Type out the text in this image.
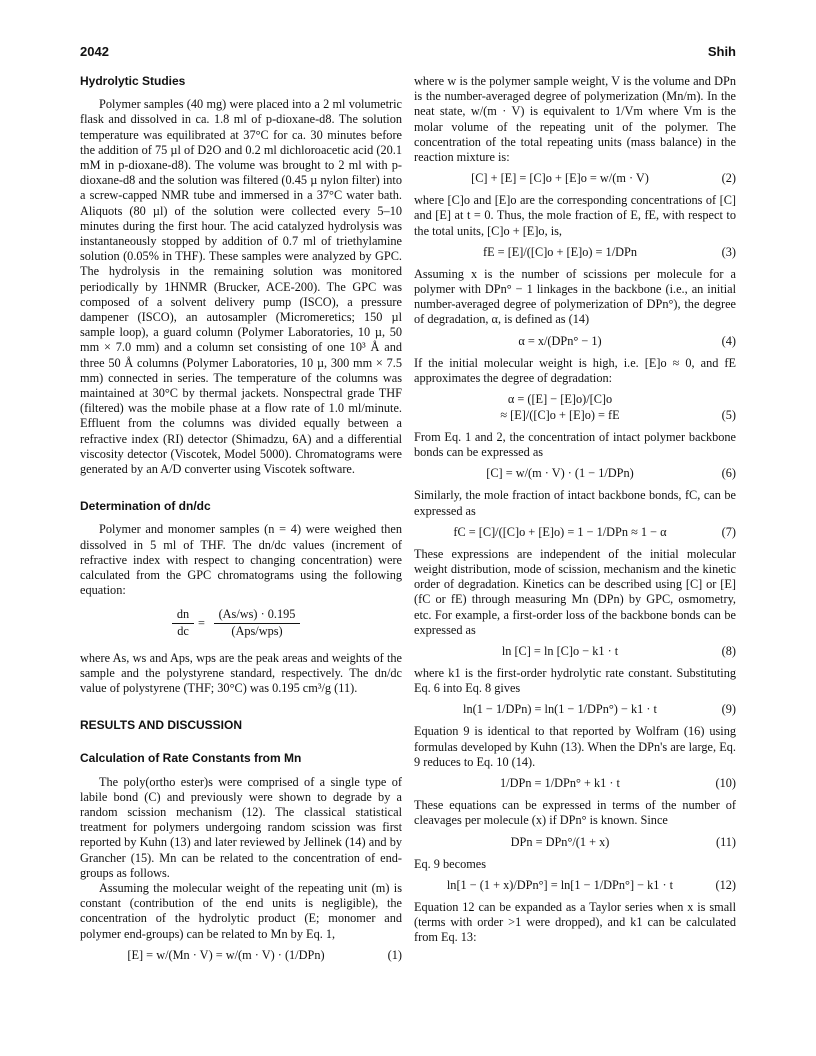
2042	Shih
Hydrolytic Studies

Polymer samples (40 mg) were placed into a 2 ml volumetric flask and dissolved in ca. 1.8 ml of p-dioxane-d8. The solution temperature was equilibrated at 37°C for ca. 30 minutes before the addition of 75 µl of D2O and 0.2 ml dichloroacetic acid (20.1 mM in p-dioxane-d8). The volume was brought to 2 ml with p-dioxane-d8 and the solution was filtered (0.45 µ nylon filter) into a screw-capped NMR tube and immersed in a 37°C water bath. Aliquots (80 µl) of the solution were collected every 5–10 minutes during the first hour. The acid catalyzed hydrolysis was instantaneously stopped by addition of 0.7 ml of triethylamine solution (0.05% in THF). These samples were analyzed by GPC. The hydrolysis in the remaining solution was monitored periodically by 1HNMR (Brucker, ACE-200). The GPC was composed of a solvent delivery pump (ISCO), a pressure dampener (ISCO), an autosampler (Micromeretics; 150 µl sample loop), a guard column (Polymer Laboratories, 10 µ, 50 mm × 7.0 mm) and a column set consisting of one 10³ Å and three 50 Å columns (Polymer Laboratories, 10 µ, 300 mm × 7.5 mm) connected in series. The temperature of the columns was maintained at 30°C by thermal jackets. Nonspectral grade THF (filtered) was the mobile phase at a flow rate of 1.0 ml/minute. Effluent from the columns was divided equally between a refractive index (RI) detector (Shimadzu, 6A) and a differential viscosity detector (Viscotek, Model 5000). Chromatograms were generated by an A/D converter using Viscotek software.

Determination of dn/dc

Polymer and monomer samples (n = 4) were weighed then dissolved in 5 ml of THF. The dn/dc values (increment of refractive index with respect to changing concentration) were calculated from the GPC chromatograms using the following equation:

dn
dc
=
(As/ws) · 0.195
(Aps/wps)

where As, ws and Aps, wps are the peak areas and weights of the sample and the polystyrene standard, respectively. The dn/dc value of polystyrene (THF; 30°C) was 0.195 cm³/g (11).

RESULTS AND DISCUSSION
Calculation of Rate Constants from Mn

The poly(ortho ester)s were comprised of a single type of labile bond (C) and previously were shown to degrade by a random scission mechanism (12). The classical statistical treatment for polymers undergoing random scission was first reported by Kuhn (13) and later reviewed by Jellinek (14) and by Grancher (15). Mn can be related to the concentration of end-groups as follows.

Assuming the molecular weight of the repeating unit (m) is constant (contribution of the end units is negligible), the concentration of the hydrolytic product (E; monomer and polymer end-groups) can be related to Mn by Eq. 1,

[E] = w/(Mn · V) = w/(m · V) · (1/DPn)	(1)

where w is the polymer sample weight, V is the volume and DPn is the number-averaged degree of polymerization (Mn/m). In the neat state, w/(m · V) is equivalent to 1/Vm where Vm is the molar volume of the repeating unit of the polymer. The concentration of the total repeating units (mass balance) in the reaction mixture is:

[C] + [E] = [C]o + [E]o = w/(m · V)	(2)

where [C]o and [E]o are the corresponding concentrations of [C] and [E] at t = 0. Thus, the mole fraction of E, fE, with respect to the total units, [C]o + [E]o, is,

fE = [E]/([C]o + [E]o) = 1/DPn	(3)

Assuming x is the number of scissions per molecule for a polymer with DPn° − 1 linkages in the backbone (i.e., an initial number-averaged degree of polymerization of DPn°), the degree of degradation, α, is defined as (14)

α = x/(DPn° − 1)	(4)

If the initial molecular weight is high, i.e. [E]o ≈ 0, and fE approximates the degree of degradation:

α = ([E] − [E]o)/[C]o
≈ [E]/([C]o + [E]o) = fE	(5)

From Eq. 1 and 2, the concentration of intact polymer backbone bonds can be expressed as

[C] = w/(m · V) · (1 − 1/DPn)	(6)

Similarly, the mole fraction of intact backbone bonds, fC, can be expressed as

fC = [C]/([C]o + [E]o) = 1 − 1/DPn ≈ 1 − α	(7)

These expressions are independent of the initial molecular weight distribution, mode of scission, mechanism and the kinetic order of degradation. Kinetics can be described using [C] or [E] (fC or fE) through measuring Mn (DPn) by GPC, osmometry, etc. For example, a first-order loss of the backbone bonds can be expressed as

ln [C] = ln [C]o − k1 · t	(8)

where k1 is the first-order hydrolytic rate constant. Substituting Eq. 6 into Eq. 8 gives

ln(1 − 1/DPn) = ln(1 − 1/DPn°) − k1 · t	(9)

Equation 9 is identical to that reported by Wolfram (16) using formulas developed by Kuhn (13). When the DPn's are large, Eq. 9 reduces to Eq. 10 (14).

1/DPn = 1/DPn° + k1 · t	(10)

These equations can be expressed in terms of the number of cleavages per molecule (x) if DPn° is known. Since

DPn = DPn°/(1 + x)	(11)

Eq. 9 becomes

ln[1 − (1 + x)/DPn°] = ln[1 − 1/DPn°] − k1 · t	(12)

Equation 12 can be expanded as a Taylor series when x is small (terms with order >1 were dropped), and k1 can be calculated from Eq. 13:
